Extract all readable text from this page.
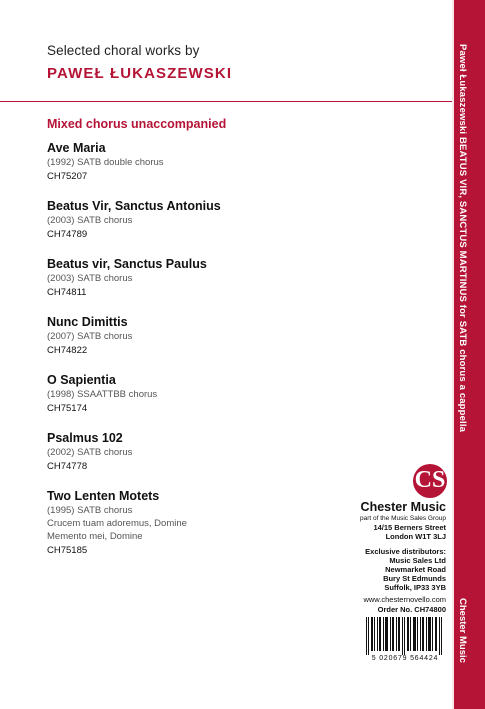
Selected choral works by
PAWEŁ ŁUKASZEWSKI
Mixed chorus unaccompanied
Ave Maria
(1992) SATB double chorus
CH75207
Beatus Vir, Sanctus Antonius
(2003) SATB chorus
CH74789
Beatus vir, Sanctus Paulus
(2003) SATB chorus
CH74811
Nunc Dimittis
(2007) SATB chorus
CH74822
O Sapientia
(1998) SSAATTBB chorus
CH75174
Psalmus 102
(2002) SATB chorus
CH74778
Two Lenten Motets
(1995) SATB chorus
Crucem tuam adoremus, Domine
Memento mei, Domine
CH75185
CS
Chester Music
part of the Music Sales Group
14/15 Berners Street
London W1T 3LJ
Exclusive distributors:
Music Sales Ltd
Newmarket Road
Bury St Edmunds
Suffolk, IP33 3YB
www.chesternovello.com
Order No. CH74800
5 020679 564424
Paweł Łukaszewski BEATUS VIR, SANCTUS MARTINUS for SATB chorus a cappella
Chester Music
